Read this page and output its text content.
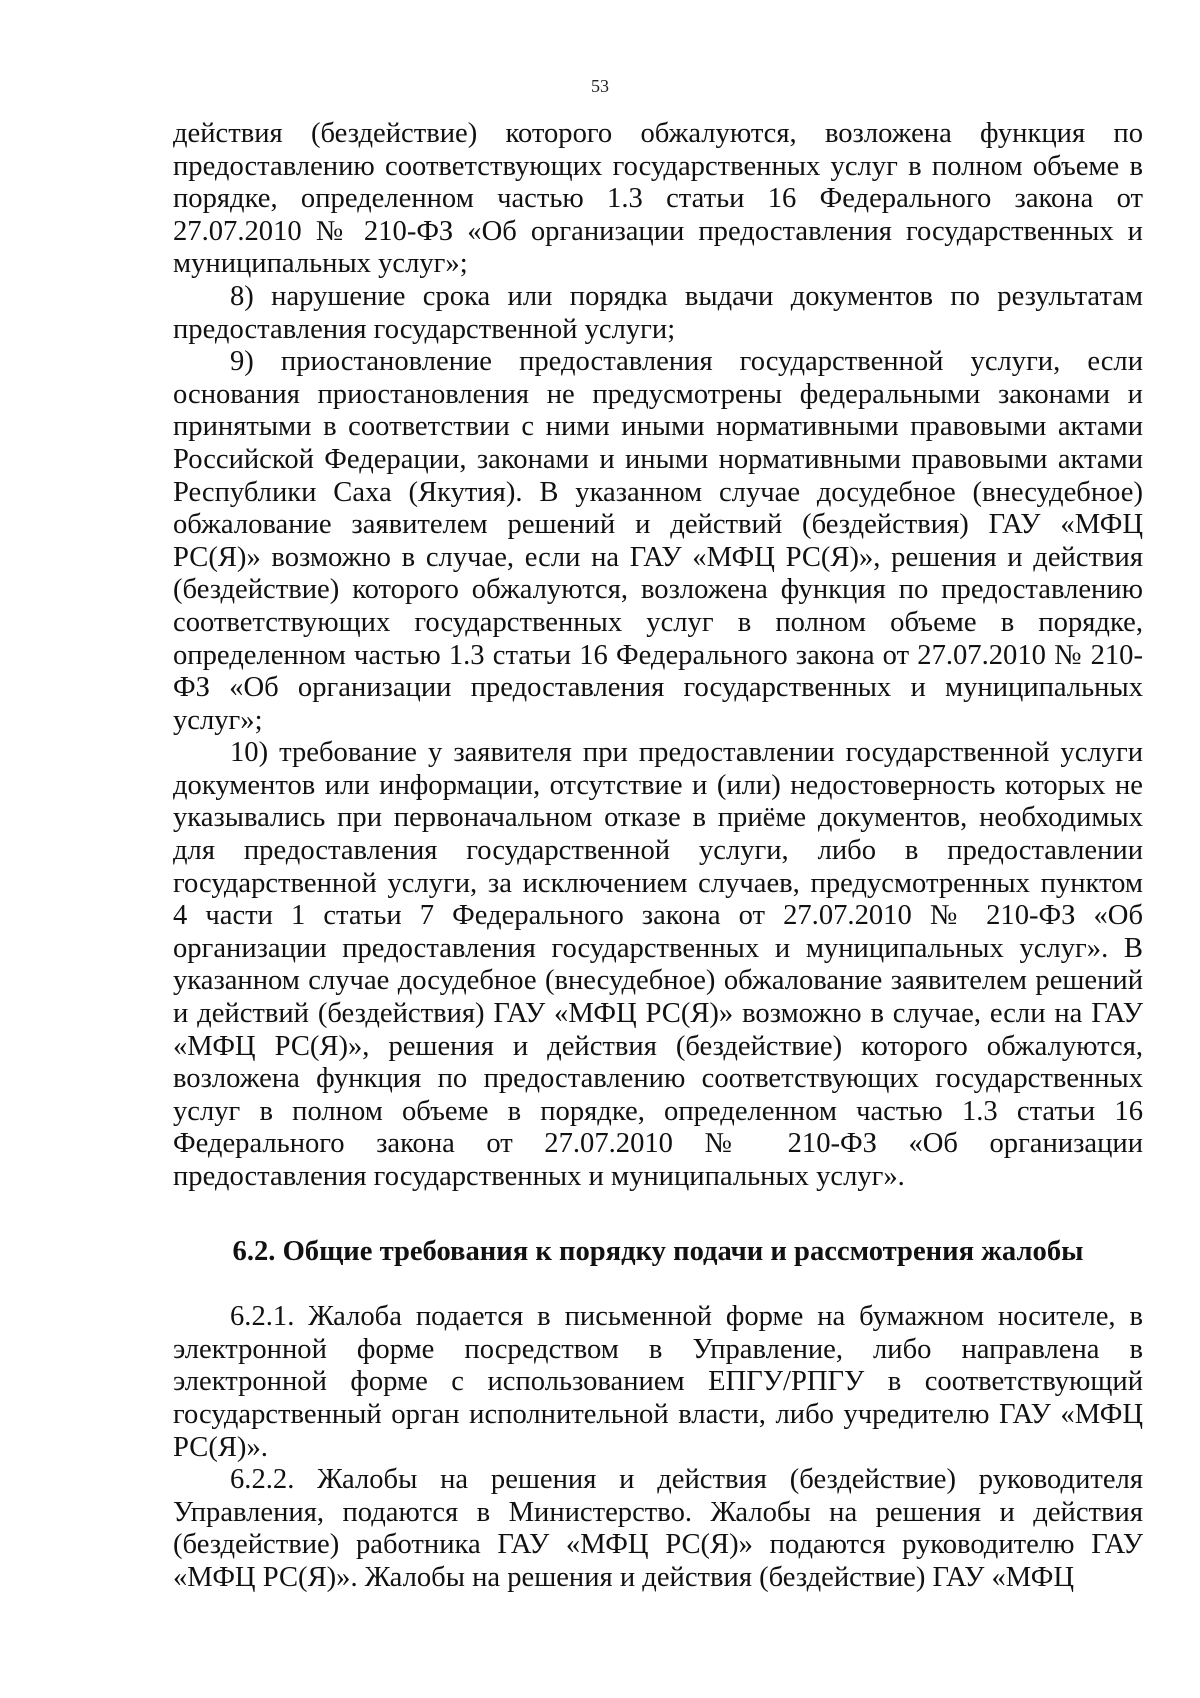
53

действия (бездействие) которого обжалуются, возложена функция по предоставлению соответствующих государственных услуг в полном объеме в порядке, определенном частью 1.3 статьи 16 Федерального закона от 27.07.2010 № 210-ФЗ «Об организации предоставления государственных и муниципальных услуг»;

8) нарушение срока или порядка выдачи документов по результатам предоставления государственной услуги;

9) приостановление предоставления государственной услуги, если основания приостановления не предусмотрены федеральными законами и принятыми в соответствии с ними иными нормативными правовыми актами Российской Федерации, законами и иными нормативными правовыми актами Республики Саха (Якутия). В указанном случае досудебное (внесудебное) обжалование заявителем решений и действий (бездействия) ГАУ «МФЦ РС(Я)» возможно в случае, если на ГАУ «МФЦ РС(Я)», решения и действия (бездействие) которого обжалуются, возложена функция по предоставлению соответствующих государственных услуг в полном объеме в порядке, определенном частью 1.3 статьи 16 Федерального закона от 27.07.2010 № 210-ФЗ «Об организации предоставления государственных и муниципальных услуг»;

10) требование у заявителя при предоставлении государственной услуги документов или информации, отсутствие и (или) недостоверность которых не указывались при первоначальном отказе в приёме документов, необходимых для предоставления государственной услуги, либо в предоставлении государственной услуги, за исключением случаев, предусмотренных пунктом 4 части 1 статьи 7 Федерального закона от 27.07.2010 № 210-ФЗ «Об организации предоставления государственных и муниципальных услуг». В указанном случае досудебное (внесудебное) обжалование заявителем решений и действий (бездействия) ГАУ «МФЦ РС(Я)» возможно в случае, если на ГАУ «МФЦ РС(Я)», решения и действия (бездействие) которого обжалуются, возложена функция по предоставлению соответствующих государственных услуг в полном объеме в порядке, определенном частью 1.3 статьи 16 Федерального закона от 27.07.2010 № 210-ФЗ «Об организации предоставления государственных и муниципальных услуг».

6.2. Общие требования к порядку подачи и рассмотрения жалобы

6.2.1. Жалоба подается в письменной форме на бумажном носителе, в электронной форме посредством в Управление, либо направлена в электронной форме с использованием ЕПГУ/РПГУ в соответствующий государственный орган исполнительной власти, либо учредителю ГАУ «МФЦ РС(Я)».

6.2.2. Жалобы на решения и действия (бездействие) руководителя Управления, подаются в Министерство. Жалобы на решения и действия (бездействие) работника ГАУ «МФЦ РС(Я)» подаются руководителю ГАУ «МФЦ РС(Я)». Жалобы на решения и действия (бездействие) ГАУ «МФЦ
